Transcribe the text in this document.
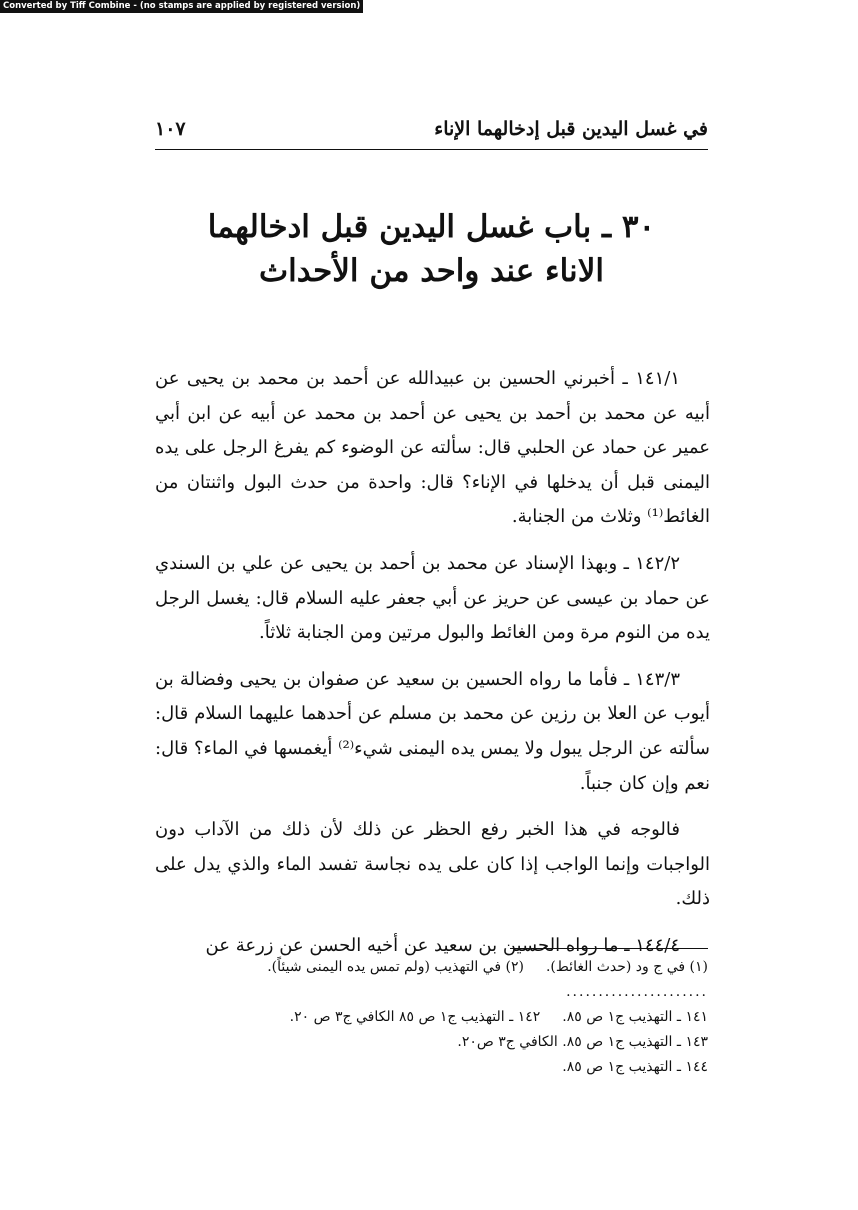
Converted by Tiff Combine - (no stamps are applied by registered version)
في غسل اليدين قبل إدخالهما الإناء
١٠٧
٣٠ ـ باب غسل اليدين قبل ادخالهما
الاناء عند واحد من الأحداث

١٤١/١ ـ أخبرني الحسين بن عبيدالله عن أحمد بن محمد بن يحيى عن أبيه عن محمد بن أحمد بن يحيى عن أحمد بن محمد عن أبيه عن ابن أبي عمير عن حماد عن الحلبي قال: سألته عن الوضوء كم يفرغ الرجل على يده اليمنى قبل أن يدخلها في الإناء؟ قال: واحدة من حدث البول واثنتان من الغائط⁽¹⁾ وثلاث من الجنابة.

١٤٢/٢ ـ وبهذا الإسناد عن محمد بن أحمد بن يحيى عن علي بن السندي عن حماد بن عيسى عن حريز عن أبي جعفر عليه السلام قال: يغسل الرجل يده من النوم مرة ومن الغائط والبول مرتين ومن الجنابة ثلاثاً.

١٤٣/٣ ـ فأما ما رواه الحسين بن سعيد عن صفوان بن يحيى وفضالة بن أيوب عن العلا بن رزين عن محمد بن مسلم عن أحدهما عليهما السلام قال: سألته عن الرجل يبول ولا يمس يده اليمنى شيء⁽²⁾ أيغمسها في الماء؟ قال: نعم وإن كان جنباً.

فالوجه في هذا الخبر رفع الحظر عن ذلك لأن ذلك من الآداب دون الواجبات وإنما الواجب إذا كان على يده نجاسة تفسد الماء والذي يدل على ذلك.

١٤٤/٤ ـ ما رواه الحسين بن سعيد عن أخيه الحسن عن زرعة عن

(١) في ج ود (حدث الغائط).(٢) في التهذيب (ولم تمس يده اليمنى شيئاً).
......................
١٤١ ـ التهذيب ج١ ص ٨٥.١٤٢ ـ التهذيب ج١ ص ٨٥ الكافي ج٣ ص ٢٠.
١٤٣ ـ التهذيب ج١ ص ٨٥. الكافي ج٣ ص٢٠.
١٤٤ ـ التهذيب ج١ ص ٨٥.
